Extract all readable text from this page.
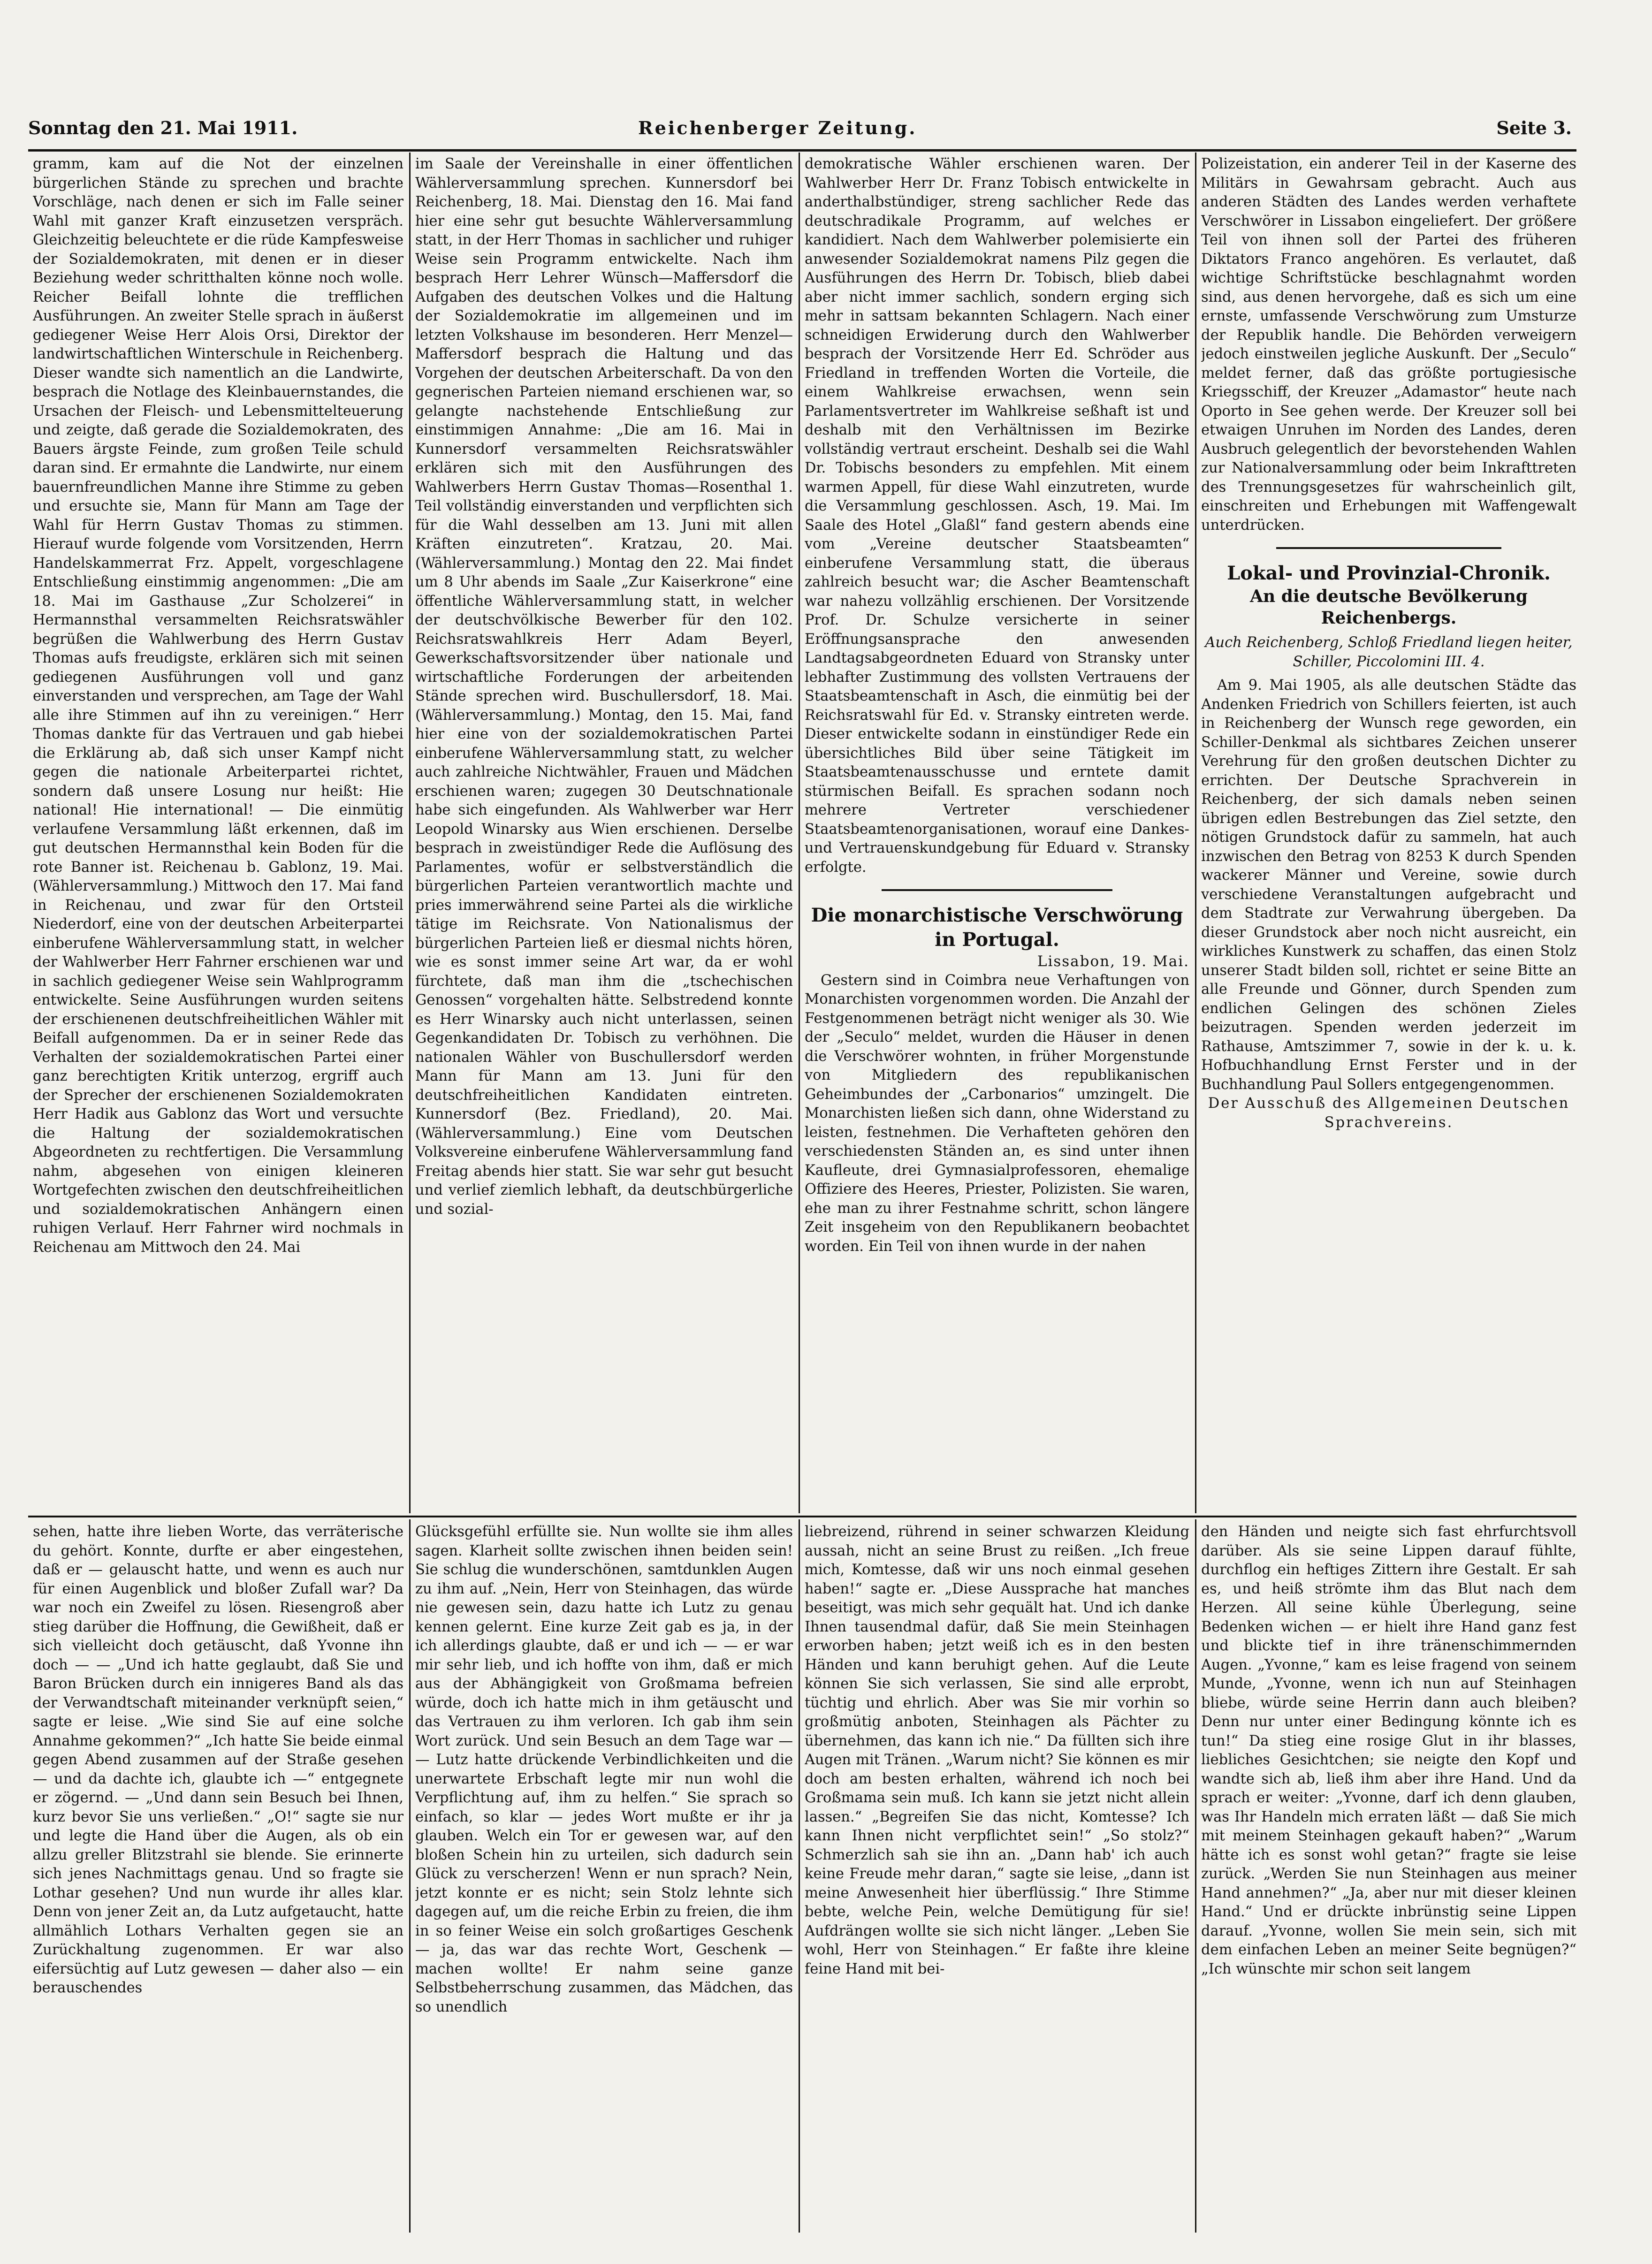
Sonntag den 21. Mai 1911.	Reichenberger Zeitung.	Seite 3.

gramm, kam auf die Not der einzelnen bürgerlichen Stände zu sprechen und brachte Vorschläge, nach denen er sich im Falle seiner Wahl mit ganzer Kraft einzusetzen verspräch. Gleichzeitig beleuchtete er die rüde Kampfesweise der Sozialdemokraten, mit denen er in dieser Beziehung weder schritthalten könne noch wolle. Reicher Beifall lohnte die trefflichen Ausführungen. An zweiter Stelle sprach in äußerst gediegener Weise Herr Alois Orsi, Direktor der landwirtschaftlichen Winterschule in Reichenberg. Dieser wandte sich namentlich an die Landwirte, besprach die Notlage des Kleinbauernstandes, die Ursachen der Fleisch- und Lebensmittelteuerung und zeigte, daß gerade die Sozialdemokraten, des Bauers ärgste Feinde, zum großen Teile schuld daran sind. Er ermahnte die Landwirte, nur einem bauernfreundlichen Manne ihre Stimme zu geben und ersuchte sie, Mann für Mann am Tage der Wahl für Herrn Gustav Thomas zu stimmen. Hierauf wurde folgende vom Vorsitzenden, Herrn Handelskammerrat Frz. Appelt, vorgeschlagene Entschließung einstimmig angenommen: „Die am 18. Mai im Gasthause „Zur Scholzerei“ in Hermannsthal versammelten Reichsratswähler begrüßen die Wahlwerbung des Herrn Gustav Thomas aufs freudigste, erklären sich mit seinen gediegenen Ausführungen voll und ganz einverstanden und versprechen, am Tage der Wahl alle ihre Stimmen auf ihn zu vereinigen.“ Herr Thomas dankte für das Vertrauen und gab hiebei die Erklärung ab, daß sich unser Kampf nicht gegen die nationale Arbeiterpartei richtet, sondern daß unsere Losung nur heißt: Hie national! Hie international! — Die einmütig verlaufene Versammlung läßt erkennen, daß im gut deutschen Hermannsthal kein Boden für die rote Banner ist. Reichenau b. Gablonz, 19. Mai. (Wählerversammlung.) Mittwoch den 17. Mai fand in Reichenau, und zwar für den Ortsteil Niederdorf, eine von der deutschen Arbeiterpartei einberufene Wählerversammlung statt, in welcher der Wahlwerber Herr Fahrner erschienen war und in sachlich gediegener Weise sein Wahlprogramm entwickelte. Seine Ausführungen wurden seitens der erschienenen deutschfreiheitlichen Wähler mit Beifall aufgenommen. Da er in seiner Rede das Verhalten der sozialdemokratischen Partei einer ganz berechtigten Kritik unterzog, ergriff auch der Sprecher der erschienenen Sozialdemokraten Herr Hadik aus Gablonz das Wort und versuchte die Haltung der sozialdemokratischen Abgeordneten zu rechtfertigen. Die Versammlung nahm, abgesehen von einigen kleineren Wortgefechten zwischen den deutschfreiheitlichen und sozialdemokratischen Anhängern einen ruhigen Verlauf. Herr Fahrner wird nochmals in Reichenau am Mittwoch den 24. Mai

im Saale der Vereinshalle in einer öffentlichen Wählerversammlung sprechen. Kunnersdorf bei Reichenberg, 18. Mai. Dienstag den 16. Mai fand hier eine sehr gut besuchte Wählerversammlung statt, in der Herr Thomas in sachlicher und ruhiger Weise sein Programm entwickelte. Nach ihm besprach Herr Lehrer Wünsch—Maffersdorf die Aufgaben des deutschen Volkes und die Haltung der Sozialdemokratie im allgemeinen und im letzten Volkshause im besonderen. Herr Menzel—Maffersdorf besprach die Haltung und das Vorgehen der deutschen Arbeiterschaft. Da von den gegnerischen Parteien niemand erschienen war, so gelangte nachstehende Entschließung zur einstimmigen Annahme: „Die am 16. Mai in Kunnersdorf versammelten Reichsratswähler erklären sich mit den Ausführungen des Wahlwerbers Herrn Gustav Thomas—Rosenthal 1. Teil vollständig einverstanden und verpflichten sich für die Wahl desselben am 13. Juni mit allen Kräften einzutreten“. Kratzau, 20. Mai. (Wählerversammlung.) Montag den 22. Mai findet um 8 Uhr abends im Saale „Zur Kaiserkrone“ eine öffentliche Wählerversammlung statt, in welcher der deutschvölkische Bewerber für den 102. Reichsratswahlkreis Herr Adam Beyerl, Gewerkschaftsvorsitzender über nationale und wirtschaftliche Forderungen der arbeitenden Stände sprechen wird. Buschullersdorf, 18. Mai. (Wählerversammlung.) Montag, den 15. Mai, fand hier eine von der sozialdemokratischen Partei einberufene Wählerversammlung statt, zu welcher auch zahlreiche Nichtwähler, Frauen und Mädchen erschienen waren; zugegen 30 Deutschnationale habe sich eingefunden. Als Wahlwerber war Herr Leopold Winarsky aus Wien erschienen. Derselbe besprach in zweistündiger Rede die Auflösung des Parlamentes, wofür er selbstverständlich die bürgerlichen Parteien verantwortlich machte und pries immerwährend seine Partei als die wirkliche tätige im Reichsrate. Von Nationalismus der bürgerlichen Parteien ließ er diesmal nichts hören, wie es sonst immer seine Art war, da er wohl fürchtete, daß man ihm die „tschechischen Genossen“ vorgehalten hätte. Selbstredend konnte es Herr Winarsky auch nicht unterlassen, seinen Gegenkandidaten Dr. Tobisch zu verhöhnen. Die nationalen Wähler von Buschullersdorf werden Mann für Mann am 13. Juni für den deutschfreiheitlichen Kandidaten eintreten. Kunnersdorf (Bez. Friedland), 20. Mai. (Wählerversammlung.) Eine vom Deutschen Volksvereine einberufene Wählerversammlung fand Freitag abends hier statt. Sie war sehr gut besucht und verlief ziemlich lebhaft, da deutschbürgerliche und sozial-

demokratische Wähler erschienen waren. Der Wahlwerber Herr Dr. Franz Tobisch entwickelte in anderthalbstündiger, streng sachlicher Rede das deutschradikale Programm, auf welches er kandidiert. Nach dem Wahlwerber polemisierte ein anwesender Sozialdemokrat namens Pilz gegen die Ausführungen des Herrn Dr. Tobisch, blieb dabei aber nicht immer sachlich, sondern erging sich mehr in sattsam bekannten Schlagern. Nach einer schneidigen Erwiderung durch den Wahlwerber besprach der Vorsitzende Herr Ed. Schröder aus Friedland in treffenden Worten die Vorteile, die einem Wahlkreise erwachsen, wenn sein Parlamentsvertreter im Wahlkreise seßhaft ist und deshalb mit den Verhältnissen im Bezirke vollständig vertraut erscheint. Deshalb sei die Wahl Dr. Tobischs besonders zu empfehlen. Mit einem warmen Appell, für diese Wahl einzutreten, wurde die Versammlung geschlossen. Asch, 19. Mai. Im Saale des Hotel „Glaßl“ fand gestern abends eine vom „Vereine deutscher Staatsbeamten“ einberufene Versammlung statt, die überaus zahlreich besucht war; die Ascher Beamtenschaft war nahezu vollzählig erschienen. Der Vorsitzende Prof. Dr. Schulze versicherte in seiner Eröffnungsansprache den anwesenden Landtagsabgeordneten Eduard von Stransky unter lebhafter Zustimmung des vollsten Vertrauens der Staatsbeamtenschaft in Asch, die einmütig bei der Reichsratswahl für Ed. v. Stransky eintreten werde. Dieser entwickelte sodann in einstündiger Rede ein übersichtliches Bild über seine Tätigkeit im Staatsbeamtenausschusse und erntete damit stürmischen Beifall. Es sprachen sodann noch mehrere Vertreter verschiedener Staatsbeamtenorganisationen, worauf eine Dankes- und Vertrauenskundgebung für Eduard v. Stransky erfolgte.

Die monarchistische Verschwörung in Portugal.

Lissabon, 19. Mai.

Gestern sind in Coimbra neue Verhaftungen von Monarchisten vorgenommen worden. Die Anzahl der Festgenommenen beträgt nicht weniger als 30. Wie der „Seculo“ meldet, wurden die Häuser in denen die Verschwörer wohnten, in früher Morgenstunde von Mitgliedern des republikanischen Geheimbundes der „Carbonarios“ umzingelt. Die Monarchisten ließen sich dann, ohne Widerstand zu leisten, festnehmen. Die Verhafteten gehören den verschiedensten Ständen an, es sind unter ihnen Kaufleute, drei Gymnasialprofessoren, ehemalige Offiziere des Heeres, Priester, Polizisten. Sie waren, ehe man zu ihrer Festnahme schritt, schon längere Zeit insgeheim von den Republikanern beobachtet worden. Ein Teil von ihnen wurde in der nahen

Polizeistation, ein anderer Teil in der Kaserne des Militärs in Gewahrsam gebracht. Auch aus anderen Städten des Landes werden verhaftete Verschwörer in Lissabon eingeliefert. Der größere Teil von ihnen soll der Partei des früheren Diktators Franco angehören. Es verlautet, daß wichtige Schriftstücke beschlagnahmt worden sind, aus denen hervorgehe, daß es sich um eine ernste, umfassende Verschwörung zum Umsturze der Republik handle. Die Behörden verweigern jedoch einstweilen jegliche Auskunft. Der „Seculo“ meldet ferner, daß das größte portugiesische Kriegsschiff, der Kreuzer „Adamastor“ heute nach Oporto in See gehen werde. Der Kreuzer soll bei etwaigen Unruhen im Norden des Landes, deren Ausbruch gelegentlich der bevorstehenden Wahlen zur Nationalversammlung oder beim Inkrafttreten des Trennungsgesetzes für wahrscheinlich gilt, einschreiten und Erhebungen mit Waffengewalt unterdrücken.

Lokal- und Provinzial-Chronik.

An die deutsche Bevölkerung Reichenbergs.

Auch Reichenberg, Schloß Friedland liegen heiter, Schiller, Piccolomini III. 4.

Am 9. Mai 1905, als alle deutschen Städte das Andenken Friedrich von Schillers feierten, ist auch in Reichenberg der Wunsch rege geworden, ein Schiller-Denkmal als sichtbares Zeichen unserer Verehrung für den großen deutschen Dichter zu errichten. Der Deutsche Sprachverein in Reichenberg, der sich damals neben seinen übrigen edlen Bestrebungen das Ziel setzte, den nötigen Grundstock dafür zu sammeln, hat auch inzwischen den Betrag von 8253 K durch Spenden wackerer Männer und Vereine, sowie durch verschiedene Veranstaltungen aufgebracht und dem Stadtrate zur Verwahrung übergeben. Da dieser Grundstock aber noch nicht ausreicht, ein wirkliches Kunstwerk zu schaffen, das einen Stolz unserer Stadt bilden soll, richtet er seine Bitte an alle Freunde und Gönner, durch Spenden zum endlichen Gelingen des schönen Zieles beizutragen. Spenden werden jederzeit im Rathause, Amtszimmer 7, sowie in der k. u. k. Hofbuchhandlung Ernst Ferster und in der Buchhandlung Paul Sollers entgegengenommen.

Der Ausschuß des Allgemeinen Deutschen Sprachvereins.

sehen, hatte ihre lieben Worte, das verräterische du gehört. Konnte, durfte er aber eingestehen, daß er — gelauscht hatte, und wenn es auch nur für einen Augenblick und bloßer Zufall war? Da war noch ein Zweifel zu lösen. Riesengroß aber stieg darüber die Hoffnung, die Gewißheit, daß er sich vielleicht doch getäuscht, daß Yvonne ihn doch — — „Und ich hatte geglaubt, daß Sie und Baron Brücken durch ein innigeres Band als das der Verwandtschaft miteinander verknüpft seien,“ sagte er leise. „Wie sind Sie auf eine solche Annahme gekommen?“ „Ich hatte Sie beide einmal gegen Abend zusammen auf der Straße gesehen — und da dachte ich, glaubte ich —“ entgegnete er zögernd. — „Und dann sein Besuch bei Ihnen, kurz bevor Sie uns verließen.“ „O!“ sagte sie nur und legte die Hand über die Augen, als ob ein allzu greller Blitzstrahl sie blende. Sie erinnerte sich jenes Nachmittags genau. Und so fragte sie Lothar gesehen? Und nun wurde ihr alles klar. Denn von jener Zeit an, da Lutz aufgetaucht, hatte allmählich Lothars Verhalten gegen sie an Zurückhaltung zugenommen. Er war also eifersüchtig auf Lutz gewesen — daher also — ein berauschendes

Glücksgefühl erfüllte sie. Nun wollte sie ihm alles sagen. Klarheit sollte zwischen ihnen beiden sein! Sie schlug die wunderschönen, samtdunklen Augen zu ihm auf. „Nein, Herr von Steinhagen, das würde nie gewesen sein, dazu hatte ich Lutz zu genau kennen gelernt. Eine kurze Zeit gab es ja, in der ich allerdings glaubte, daß er und ich — — er war mir sehr lieb, und ich hoffte von ihm, daß er mich aus der Abhängigkeit von Großmama befreien würde, doch ich hatte mich in ihm getäuscht und das Vertrauen zu ihm verloren. Ich gab ihm sein Wort zurück. Und sein Besuch an dem Tage war — — Lutz hatte drückende Verbindlichkeiten und die unerwartete Erbschaft legte mir nun wohl die Verpflichtung auf, ihm zu helfen.“ Sie sprach so einfach, so klar — jedes Wort mußte er ihr ja glauben. Welch ein Tor er gewesen war, auf den bloßen Schein hin zu urteilen, sich dadurch sein Glück zu verscherzen! Wenn er nun sprach? Nein, jetzt konnte er es nicht; sein Stolz lehnte sich dagegen auf, um die reiche Erbin zu freien, die ihm in so feiner Weise ein solch großartiges Geschenk — ja, das war das rechte Wort, Geschenk — machen wollte! Er nahm seine ganze Selbstbeherrschung zusammen, das Mädchen, das so unendlich

liebreizend, rührend in seiner schwarzen Kleidung aussah, nicht an seine Brust zu reißen. „Ich freue mich, Komtesse, daß wir uns noch einmal gesehen haben!“ sagte er. „Diese Aussprache hat manches beseitigt, was mich sehr gequält hat. Und ich danke Ihnen tausendmal dafür, daß Sie mein Steinhagen erworben haben; jetzt weiß ich es in den besten Händen und kann beruhigt gehen. Auf die Leute können Sie sich verlassen, Sie sind alle erprobt, tüchtig und ehrlich. Aber was Sie mir vorhin so großmütig anboten, Steinhagen als Pächter zu übernehmen, das kann ich nie.“ Da füllten sich ihre Augen mit Tränen. „Warum nicht? Sie können es mir doch am besten erhalten, während ich noch bei Großmama sein muß. Ich kann sie jetzt nicht allein lassen.“ „Begreifen Sie das nicht, Komtesse? Ich kann Ihnen nicht verpflichtet sein!“ „So stolz?“ Schmerzlich sah sie ihn an. „Dann hab' ich auch keine Freude mehr daran,“ sagte sie leise, „dann ist meine Anwesenheit hier überflüssig.“ Ihre Stimme bebte, welche Pein, welche Demütigung für sie! Aufdrängen wollte sie sich nicht länger. „Leben Sie wohl, Herr von Steinhagen.“ Er faßte ihre kleine feine Hand mit bei-

den Händen und neigte sich fast ehrfurchtsvoll darüber. Als sie seine Lippen darauf fühlte, durchflog ein heftiges Zittern ihre Gestalt. Er sah es, und heiß strömte ihm das Blut nach dem Herzen. All seine kühle Überlegung, seine Bedenken wichen — er hielt ihre Hand ganz fest und blickte tief in ihre tränenschimmernden Augen. „Yvonne,“ kam es leise fragend von seinem Munde, „Yvonne, wenn ich nun auf Steinhagen bliebe, würde seine Herrin dann auch bleiben? Denn nur unter einer Bedingung könnte ich es tun!“ Da stieg eine rosige Glut in ihr blasses, liebliches Gesichtchen; sie neigte den Kopf und wandte sich ab, ließ ihm aber ihre Hand. Und da sprach er weiter: „Yvonne, darf ich denn glauben, was Ihr Handeln mich erraten läßt — daß Sie mich mit meinem Steinhagen gekauft haben?“ „Warum hätte ich es sonst wohl getan?“ fragte sie leise zurück. „Werden Sie nun Steinhagen aus meiner Hand annehmen?“ „Ja, aber nur mit dieser kleinen Hand.“ Und er drückte inbrünstig seine Lippen darauf. „Yvonne, wollen Sie mein sein, sich mit dem einfachen Leben an meiner Seite begnügen?“ „Ich wünschte mir schon seit langem
